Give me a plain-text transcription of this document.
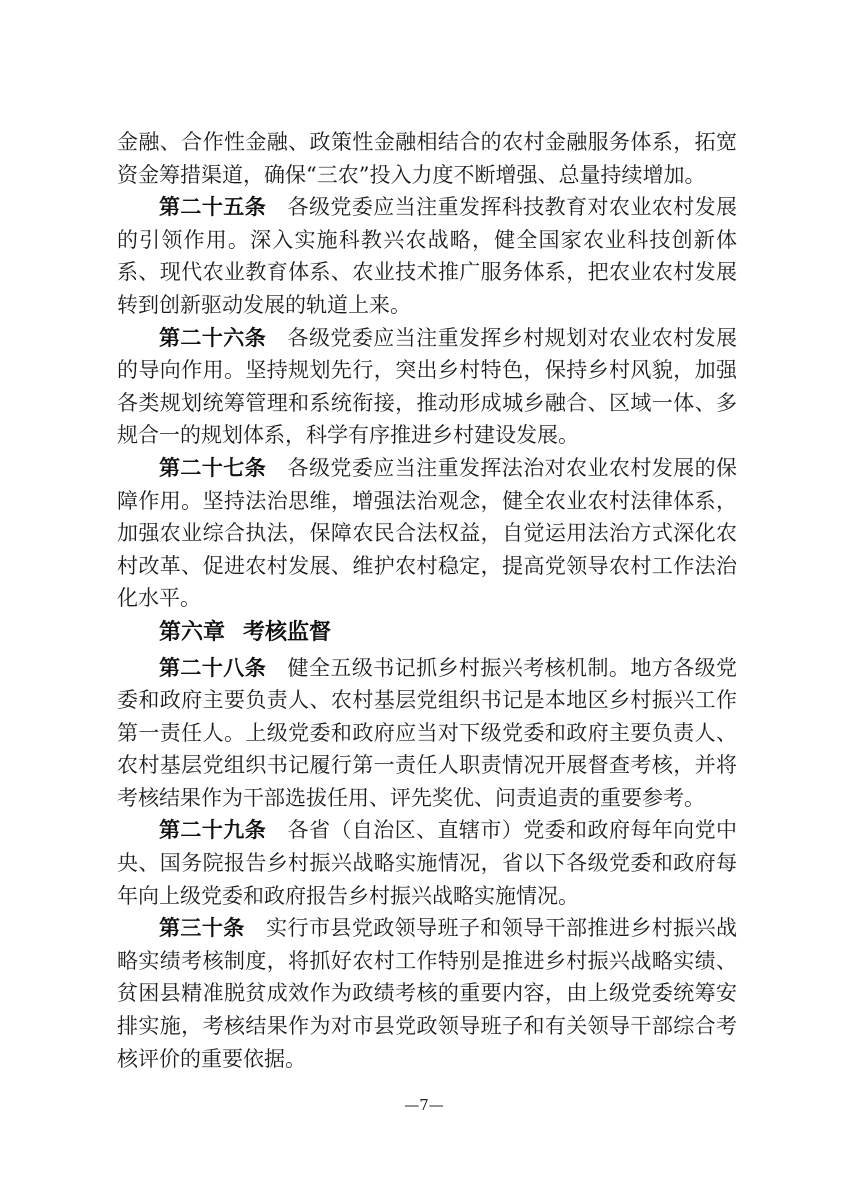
金融、合作性金融、政策性金融相结合的农村金融服务体系，拓宽资金筹措渠道，确保“三农”投入力度不断增强、总量持续增加。

第二十五条 各级党委应当注重发挥科技教育对农业农村发展的引领作用。深入实施科教兴农战略，健全国家农业科技创新体系、现代农业教育体系、农业技术推广服务体系，把农业农村发展转到创新驱动发展的轨道上来。

第二十六条 各级党委应当注重发挥乡村规划对农业农村发展的导向作用。坚持规划先行，突出乡村特色，保持乡村风貌，加强各类规划统筹管理和系统衔接，推动形成城乡融合、区域一体、多规合一的规划体系，科学有序推进乡村建设发展。

第二十七条 各级党委应当注重发挥法治对农业农村发展的保障作用。坚持法治思维，增强法治观念，健全农业农村法律体系，加强农业综合执法，保障农民合法权益，自觉运用法治方式深化农村改革、促进农村发展、维护农村稳定，提高党领导农村工作法治化水平。

第六章 考核监督

第二十八条 健全五级书记抓乡村振兴考核机制。地方各级党委和政府主要负责人、农村基层党组织书记是本地区乡村振兴工作第一责任人。上级党委和政府应当对下级党委和政府主要负责人、农村基层党组织书记履行第一责任人职责情况开展督查考核，并将考核结果作为干部选拔任用、评先奖优、问责追责的重要参考。

第二十九条 各省（自治区、直辖市）党委和政府每年向党中央、国务院报告乡村振兴战略实施情况，省以下各级党委和政府每年向上级党委和政府报告乡村振兴战略实施情况。

第三十条 实行市县党政领导班子和领导干部推进乡村振兴战略实绩考核制度，将抓好农村工作特别是推进乡村振兴战略实绩、贫困县精准脱贫成效作为政绩考核的重要内容，由上级党委统筹安排实施，考核结果作为对市县党政领导班子和有关领导干部综合考核评价的重要依据。

—7—
